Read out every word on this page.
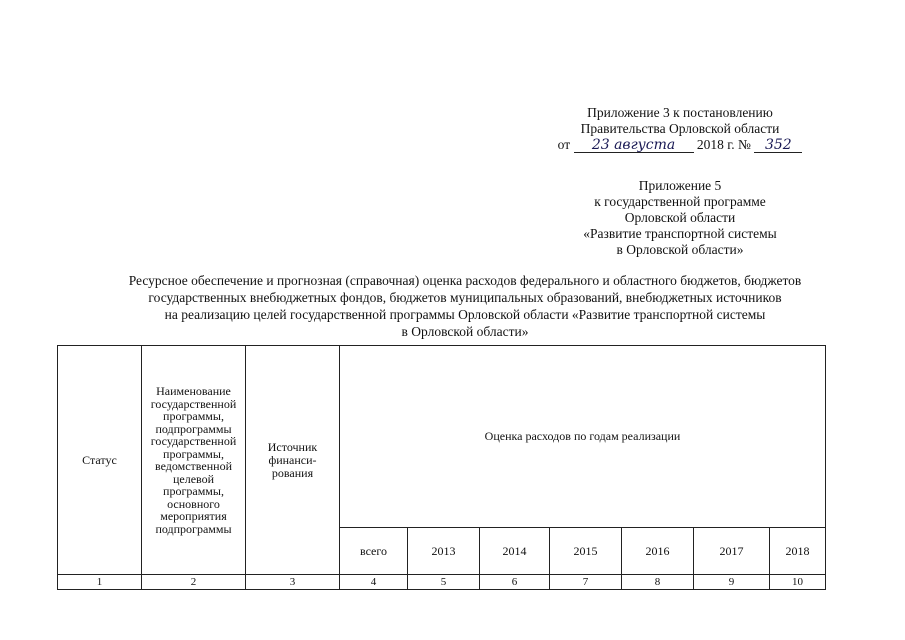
Приложение 3 к постановлению
Правительства Орловской области
от 23 августа 2018 г. № 352
Приложение 5
к государственной программе
Орловской области
«Развитие транспортной системы
в Орловской области»
Ресурсное обеспечение и прогнозная (справочная) оценка расходов федерального и областного бюджетов, бюджетов
государственных внебюджетных фондов, бюджетов муниципальных образований, внебюджетных источников
на реализацию целей государственной программы Орловской области «Развитие транспортной системы
в Орловской области»
Статус	Наименование государственной программы, подпрограммы государственной программы, ведомственной целевой программы, основного мероприятия подпрограммы	Источник финанси-рования	Оценка расходов по годам реализации						
			всего	2013	2014	2015	2016	2017	2018
1	2	3	4	5	6	7	8	9	10
